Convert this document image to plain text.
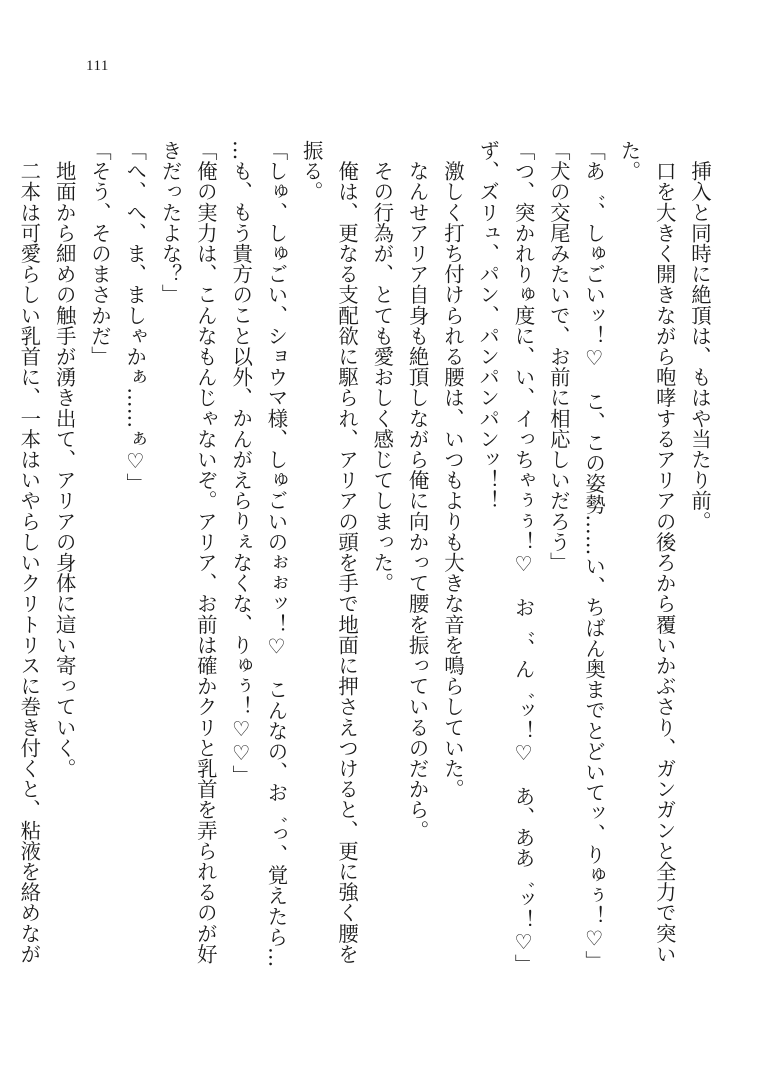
111
　挿入と同時に絶頂は、もはや当たり前。
　口を大きく開きながら咆哮するアリアの後ろから覆いかぶさり、ガンガンと全力で突い
た。
「あ゛、しゅごいッ！♡　こ、この姿勢……い、ちばん奥までとどいてッ、りゅぅ！♡」
「犬の交尾みたいで、お前に相応しいだろう」
「つ、突かれりゅ度に、い、イっちゃぅぅ！♡　お゛、ん゛ッ！♡　あ、ああ゛ッ！♡」
ず、ズリュ、パン、パンパンパンッ！！
　激しく打ち付けられる腰は、いつもよりも大きな音を鳴らしていた。
　なんせアリア自身も絶頂しながら俺に向かって腰を振っているのだから。
　その行為が、とても愛おしく感じてしまった。
　俺は、更なる支配欲に駆られ、アリアの頭を手で地面に押さえつけると、更に強く腰を
振る。
「しゅ、しゅごい、ショウマ様、しゅごいのぉぉッ！♡　こんなの、お゛っ、覚えたら…
…も、もう貴方のこと以外、かんがえらりぇなくな、りゅぅ！♡♡」
「俺の実力は、こんなもんじゃないぞ。アリア、お前は確かクリと乳首を弄られるのが好
きだったよな？」
「へ、へ、ま、ましゃかぁ……ぁ♡」
「そう、そのまさかだ」
　地面から細めの触手が湧き出て、アリアの身体に這い寄っていく。
　二本は可愛らしい乳首に、一本はいやらしいクリトリスに巻き付くと、粘液を絡めなが
